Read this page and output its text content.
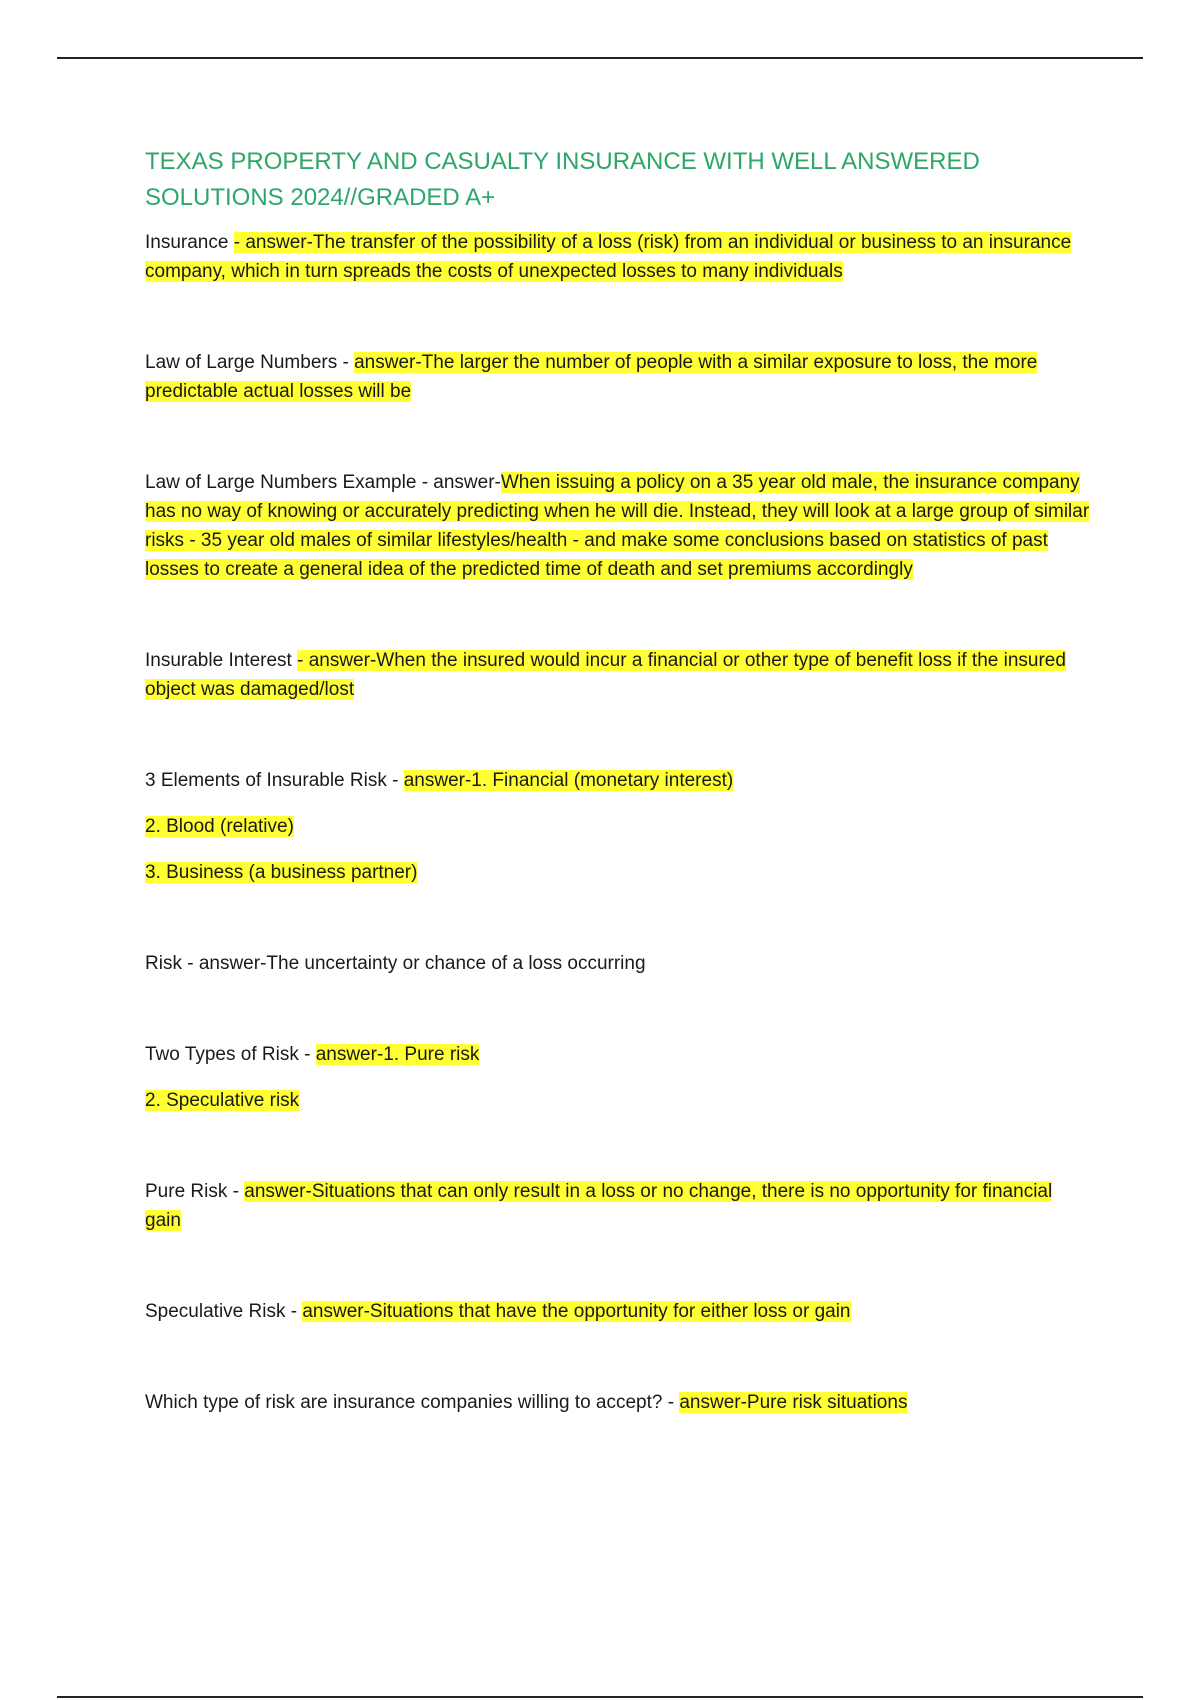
TEXAS PROPERTY AND CASUALTY INSURANCE WITH WELL ANSWERED SOLUTIONS 2024//GRADED A+

Insurance - answer-The transfer of the possibility of a loss (risk) from an individual or business to an insurance company, which in turn spreads the costs of unexpected losses to many individuals

Law of Large Numbers - answer-The larger the number of people with a similar exposure to loss, the more predictable actual losses will be

Law of Large Numbers Example - answer-When issuing a policy on a 35 year old male, the insurance company has no way of knowing or accurately predicting when he will die. Instead, they will look at a large group of similar risks - 35 year old males of similar lifestyles/health - and make some conclusions based on statistics of past losses to create a general idea of the predicted time of death and set premiums accordingly

Insurable Interest - answer-When the insured would incur a financial or other type of benefit loss if the insured object was damaged/lost

3 Elements of Insurable Risk - answer-1. Financial (monetary interest)

2. Blood (relative)

3. Business (a business partner)

Risk - answer-The uncertainty or chance of a loss occurring

Two Types of Risk - answer-1. Pure risk

2. Speculative risk

Pure Risk - answer-Situations that can only result in a loss or no change, there is no opportunity for financial gain

Speculative Risk - answer-Situations that have the opportunity for either loss or gain

Which type of risk are insurance companies willing to accept? - answer-Pure risk situations
